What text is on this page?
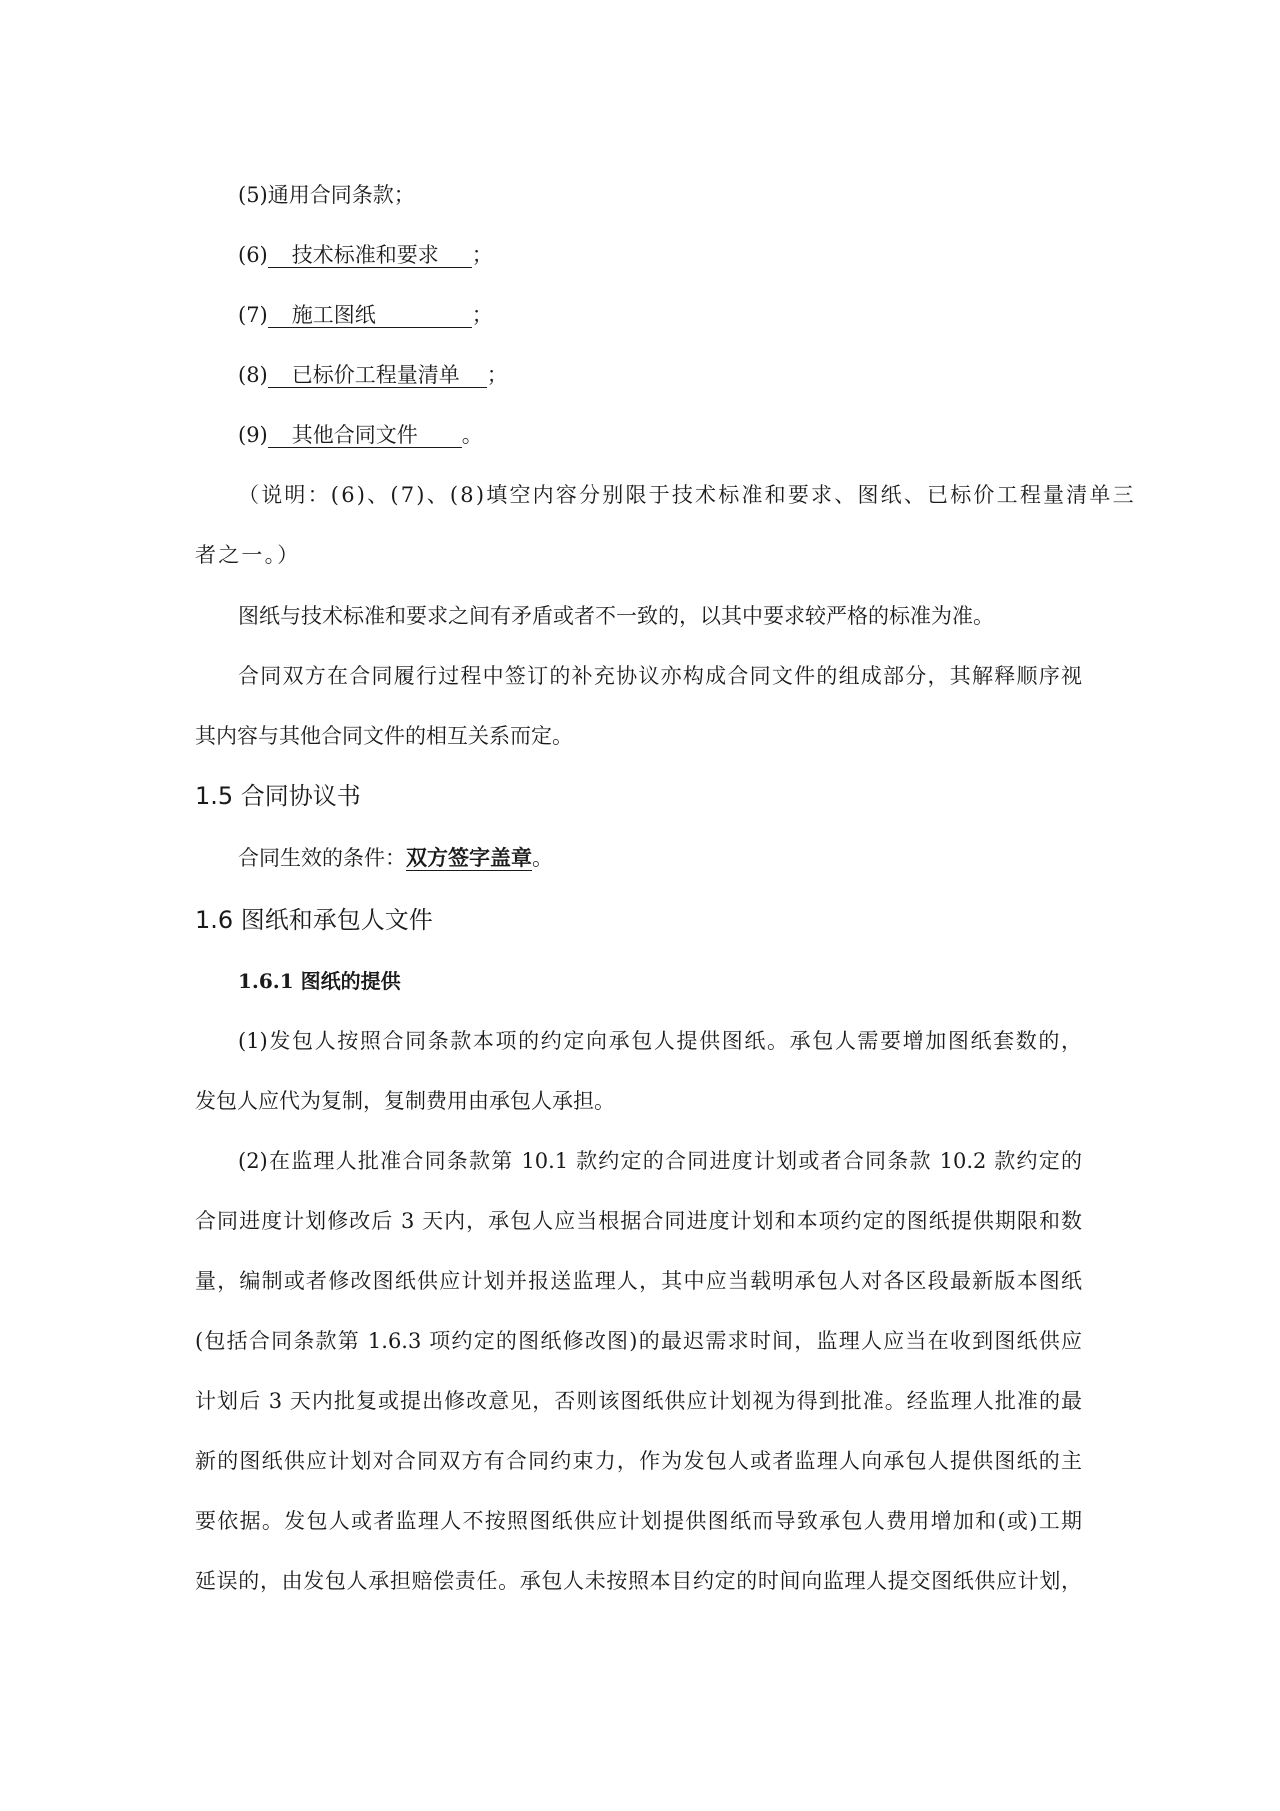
(5)通用合同条款；
(6) 技术标准和要求 ；
(7) 施工图纸	；
(8) 已标价工程量清单 ；
(9) 其他合同文件 。
（说明：(6)、(7)、(8)填空内容分别限于技术标准和要求、图纸、已标价工程量清单三
者之一。）
图纸与技术标准和要求之间有矛盾或者不一致的，以其中要求较严格的标准为准。
合同双方在合同履行过程中签订的补充协议亦构成合同文件的组成部分，其解释顺序视
其内容与其他合同文件的相互关系而定。
1.5 合同协议书
合同生效的条件：双方签字盖章。
1.6 图纸和承包人文件
1.6.1 图纸的提供
(1)发包人按照合同条款本项的约定向承包人提供图纸。承包人需要增加图纸套数的，
发包人应代为复制，复制费用由承包人承担。
(2)在监理人批准合同条款第 10.1 款约定的合同进度计划或者合同条款 10.2 款约定的
合同进度计划修改后 3 天内，承包人应当根据合同进度计划和本项约定的图纸提供期限和数
量，编制或者修改图纸供应计划并报送监理人，其中应当载明承包人对各区段最新版本图纸
(包括合同条款第 1.6.3 项约定的图纸修改图)的最迟需求时间，监理人应当在收到图纸供应
计划后 3 天内批复或提出修改意见，否则该图纸供应计划视为得到批准。经监理人批准的最
新的图纸供应计划对合同双方有合同约束力，作为发包人或者监理人向承包人提供图纸的主
要依据。发包人或者监理人不按照图纸供应计划提供图纸而导致承包人费用增加和(或)工期
延误的，由发包人承担赔偿责任。承包人未按照本目约定的时间向监理人提交图纸供应计划，
